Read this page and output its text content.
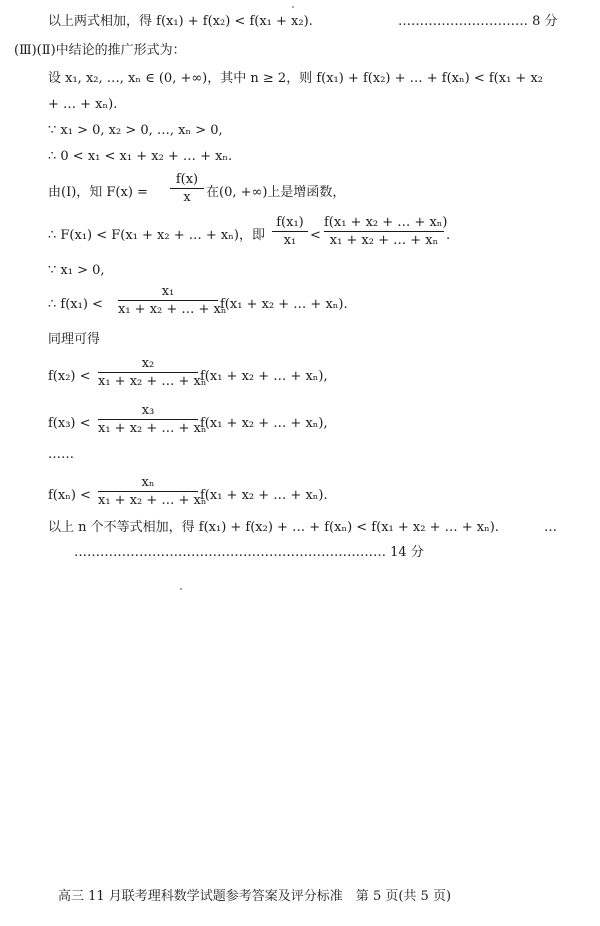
以上两式相加，得 f(x₁) + f(x₂) < f(x₁ + x₂).	………………………… 8 分
(Ⅲ)(Ⅱ)中结论的推广形式为：
设 x₁, x₂, …, xₙ ∈ (0, +∞)，其中 n ≥ 2，则 f(x₁) + f(x₂) + … + f(xₙ) < f(x₁ + x₂
+ … + xₙ).
∵ x₁ > 0, x₂ > 0, …, xₙ > 0,
∴ 0 < x₁ < x₁ + x₂ + … + xₙ.
由(Ⅰ)，知 F(x) =
f(x)
x	在(0, +∞)上是增函数，
∴ F(x₁) < F(x₁ + x₂ + … + xₙ)，即
f(x₁)
x₁	<
f(x₁ + x₂ + … + xₙ)
x₁ + x₂ + … + xₙ .
∵ x₁ > 0,
∴ f(x₁) <
x₁
x₁ + x₂ + … + xₙ
f(x₁ + x₂ + … + xₙ).
同理可得
f(x₂) <
x₂
x₁ + x₂ + … + xₙ
f(x₁ + x₂ + … + xₙ),
f(x₃) <
x₃
x₁ + x₂ + … + xₙ
f(x₁ + x₂ + … + xₙ),
……
f(xₙ) <
xₙ
x₁ + x₂ + … + xₙ
f(x₁ + x₂ + … + xₙ).
以上 n 个不等式相加，得 f(x₁) + f(x₂) + … + f(xₙ) < f(x₁ + x₂ + … + xₙ).	…
……………………………………………………………… 14 分
高三 11 月联考理科数学试题参考答案及评分标准　第 5 页(共 5 页)
